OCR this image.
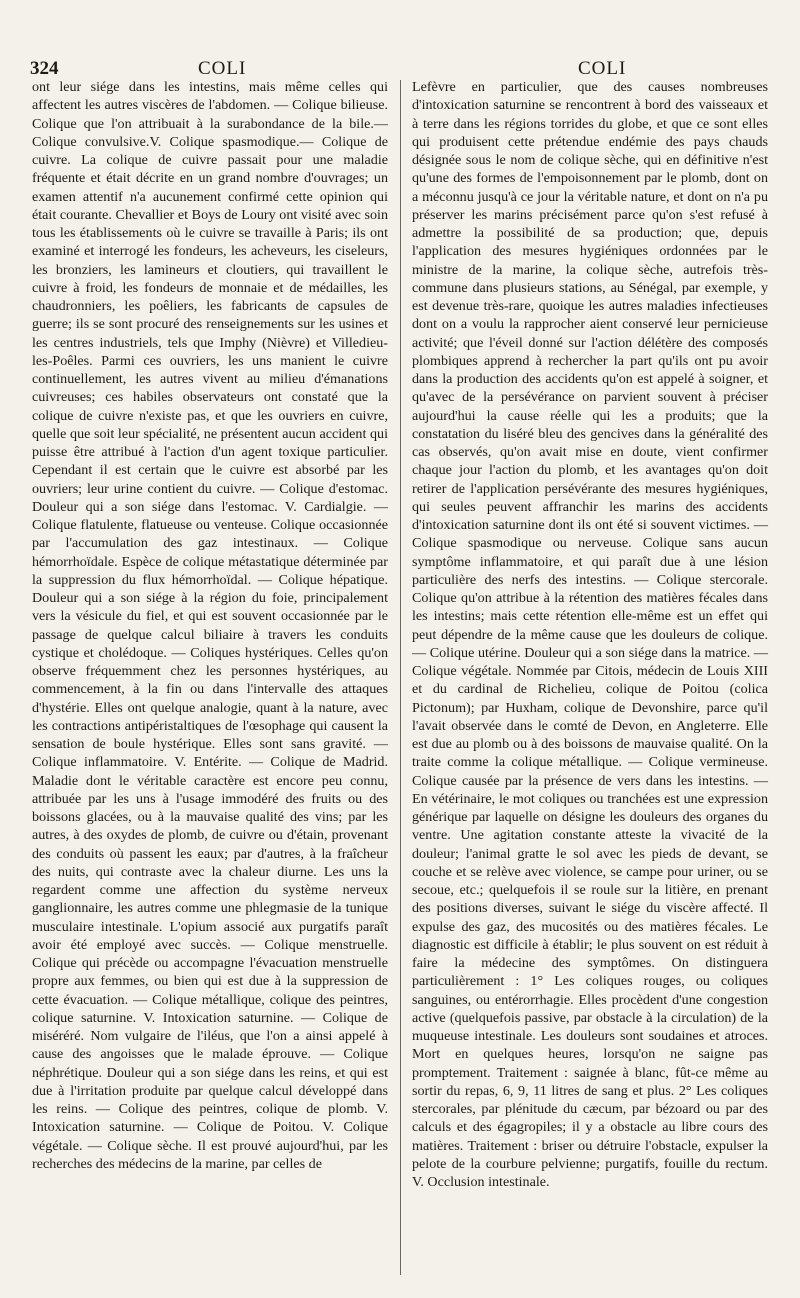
324	COLI	COLI

ont leur siége dans les intestins, mais même celles qui affectent les autres viscères de l'abdomen. — Colique bilieuse. Colique que l'on attribuait à la surabondance de la bile.— Colique convulsive.V. Colique spasmodique.— Colique de cuivre. La colique de cuivre passait pour une maladie fréquente et était décrite en un grand nombre d'ouvrages; un examen attentif n'a aucunement confirmé cette opinion qui était courante. Chevallier et Boys de Loury ont visité avec soin tous les établissements où le cuivre se travaille à Paris; ils ont examiné et interrogé les fondeurs, les acheveurs, les ciseleurs, les bronziers, les lamineurs et cloutiers, qui travaillent le cuivre à froid, les fondeurs de monnaie et de médailles, les chaudronniers, les poêliers, les fabricants de capsules de guerre; ils se sont procuré des renseignements sur les usines et les centres industriels, tels que Imphy (Nièvre) et Villedieu-les-Poêles. Parmi ces ouvriers, les uns manient le cuivre continuellement, les autres vivent au milieu d'émanations cuivreuses; ces habiles observateurs ont constaté que la colique de cuivre n'existe pas, et que les ouvriers en cuivre, quelle que soit leur spécialité, ne présentent aucun accident qui puisse être attribué à l'action d'un agent toxique particulier. Cependant il est certain que le cuivre est absorbé par les ouvriers; leur urine contient du cuivre. — Colique d'estomac. Douleur qui a son siége dans l'estomac. V. Cardialgie. — Colique flatulente, flatueuse ou venteuse. Colique occasionnée par l'accumulation des gaz intestinaux. — Colique hémorrhoïdale. Espèce de colique métastatique déterminée par la suppression du flux hémorrhoïdal. — Colique hépatique. Douleur qui a son siége à la région du foie, principalement vers la vésicule du fiel, et qui est souvent occasionnée par le passage de quelque calcul biliaire à travers les conduits cystique et cholédoque. — Coliques hystériques. Celles qu'on observe fréquemment chez les personnes hystériques, au commencement, à la fin ou dans l'intervalle des attaques d'hystérie. Elles ont quelque analogie, quant à la nature, avec les contractions antipéristaltiques de l'œsophage qui causent la sensation de boule hystérique. Elles sont sans gravité. — Colique inflammatoire. V. Entérite. — Colique de Madrid. Maladie dont le véritable caractère est encore peu connu, attribuée par les uns à l'usage immodéré des fruits ou des boissons glacées, ou à la mauvaise qualité des vins; par les autres, à des oxydes de plomb, de cuivre ou d'étain, provenant des conduits où passent les eaux; par d'autres, à la fraîcheur des nuits, qui contraste avec la chaleur diurne. Les uns la regardent comme une affection du système nerveux ganglionnaire, les autres comme une phlegmasie de la tunique musculaire intestinale. L'opium associé aux purgatifs paraît avoir été employé avec succès. — Colique menstruelle. Colique qui précède ou accompagne l'évacuation menstruelle propre aux femmes, ou bien qui est due à la suppression de cette évacuation. — Colique métallique, colique des peintres, colique saturnine. V. Intoxication saturnine. — Colique de miséréré. Nom vulgaire de l'iléus, que l'on a ainsi appelé à cause des angoisses que le malade éprouve. — Colique néphrétique. Douleur qui a son siége dans les reins, et qui est due à l'irritation produite par quelque calcul développé dans les reins. — Colique des peintres, colique de plomb. V. Intoxication saturnine. — Colique de Poitou. V. Colique végétale. — Colique sèche. Il est prouvé aujourd'hui, par les recherches des médecins de la marine, par celles de

Lefèvre en particulier, que des causes nombreuses d'intoxication saturnine se rencontrent à bord des vaisseaux et à terre dans les régions torrides du globe, et que ce sont elles qui produisent cette prétendue endémie des pays chauds désignée sous le nom de colique sèche, qui en définitive n'est qu'une des formes de l'empoisonnement par le plomb, dont on a méconnu jusqu'à ce jour la véritable nature, et dont on n'a pu préserver les marins précisément parce qu'on s'est refusé à admettre la possibilité de sa production; que, depuis l'application des mesures hygiéniques ordonnées par le ministre de la marine, la colique sèche, autrefois très-commune dans plusieurs stations, au Sénégal, par exemple, y est devenue très-rare, quoique les autres maladies infectieuses dont on a voulu la rapprocher aient conservé leur pernicieuse activité; que l'éveil donné sur l'action délétère des composés plombiques apprend à rechercher la part qu'ils ont pu avoir dans la production des accidents qu'on est appelé à soigner, et qu'avec de la persévérance on parvient souvent à préciser aujourd'hui la cause réelle qui les a produits; que la constatation du liséré bleu des gencives dans la généralité des cas observés, qu'on avait mise en doute, vient confirmer chaque jour l'action du plomb, et les avantages qu'on doit retirer de l'application persévérante des mesures hygiéniques, qui seules peuvent affranchir les marins des accidents d'intoxication saturnine dont ils ont été si souvent victimes. — Colique spasmodique ou nerveuse. Colique sans aucun symptôme inflammatoire, et qui paraît due à une lésion particulière des nerfs des intestins. — Colique stercorale. Colique qu'on attribue à la rétention des matières fécales dans les intestins; mais cette rétention elle-même est un effet qui peut dépendre de la même cause que les douleurs de colique. — Colique utérine. Douleur qui a son siége dans la matrice. — Colique végétale. Nommée par Citois, médecin de Louis XIII et du cardinal de Richelieu, colique de Poitou (colica Pictonum); par Huxham, colique de Devonshire, parce qu'il l'avait observée dans le comté de Devon, en Angleterre. Elle est due au plomb ou à des boissons de mauvaise qualité. On la traite comme la colique métallique. — Colique vermineuse. Colique causée par la présence de vers dans les intestins. — En vétérinaire, le mot coliques ou tranchées est une expression générique par laquelle on désigne les douleurs des organes du ventre. Une agitation constante atteste la vivacité de la douleur; l'animal gratte le sol avec les pieds de devant, se couche et se relève avec violence, se campe pour uriner, ou se secoue, etc.; quelquefois il se roule sur la litière, en prenant des positions diverses, suivant le siége du viscère affecté. Il expulse des gaz, des mucosités ou des matières fécales. Le diagnostic est difficile à établir; le plus souvent on est réduit à faire la médecine des symptômes. On distinguera particulièrement : 1° Les coliques rouges, ou coliques sanguines, ou entérorrhagie. Elles procèdent d'une congestion active (quelquefois passive, par obstacle à la circulation) de la muqueuse intestinale. Les douleurs sont soudaines et atroces. Mort en quelques heures, lorsqu'on ne saigne pas promptement. Traitement : saignée à blanc, fût-ce même au sortir du repas, 6, 9, 11 litres de sang et plus. 2° Les coliques stercorales, par plénitude du cæcum, par bézoard ou par des calculs et des égagropiles; il y a obstacle au libre cours des matières. Traitement : briser ou détruire l'obstacle, expulser la pelote de la courbure pelvienne; purgatifs, fouille du rectum. V. Occlusion intestinale.
